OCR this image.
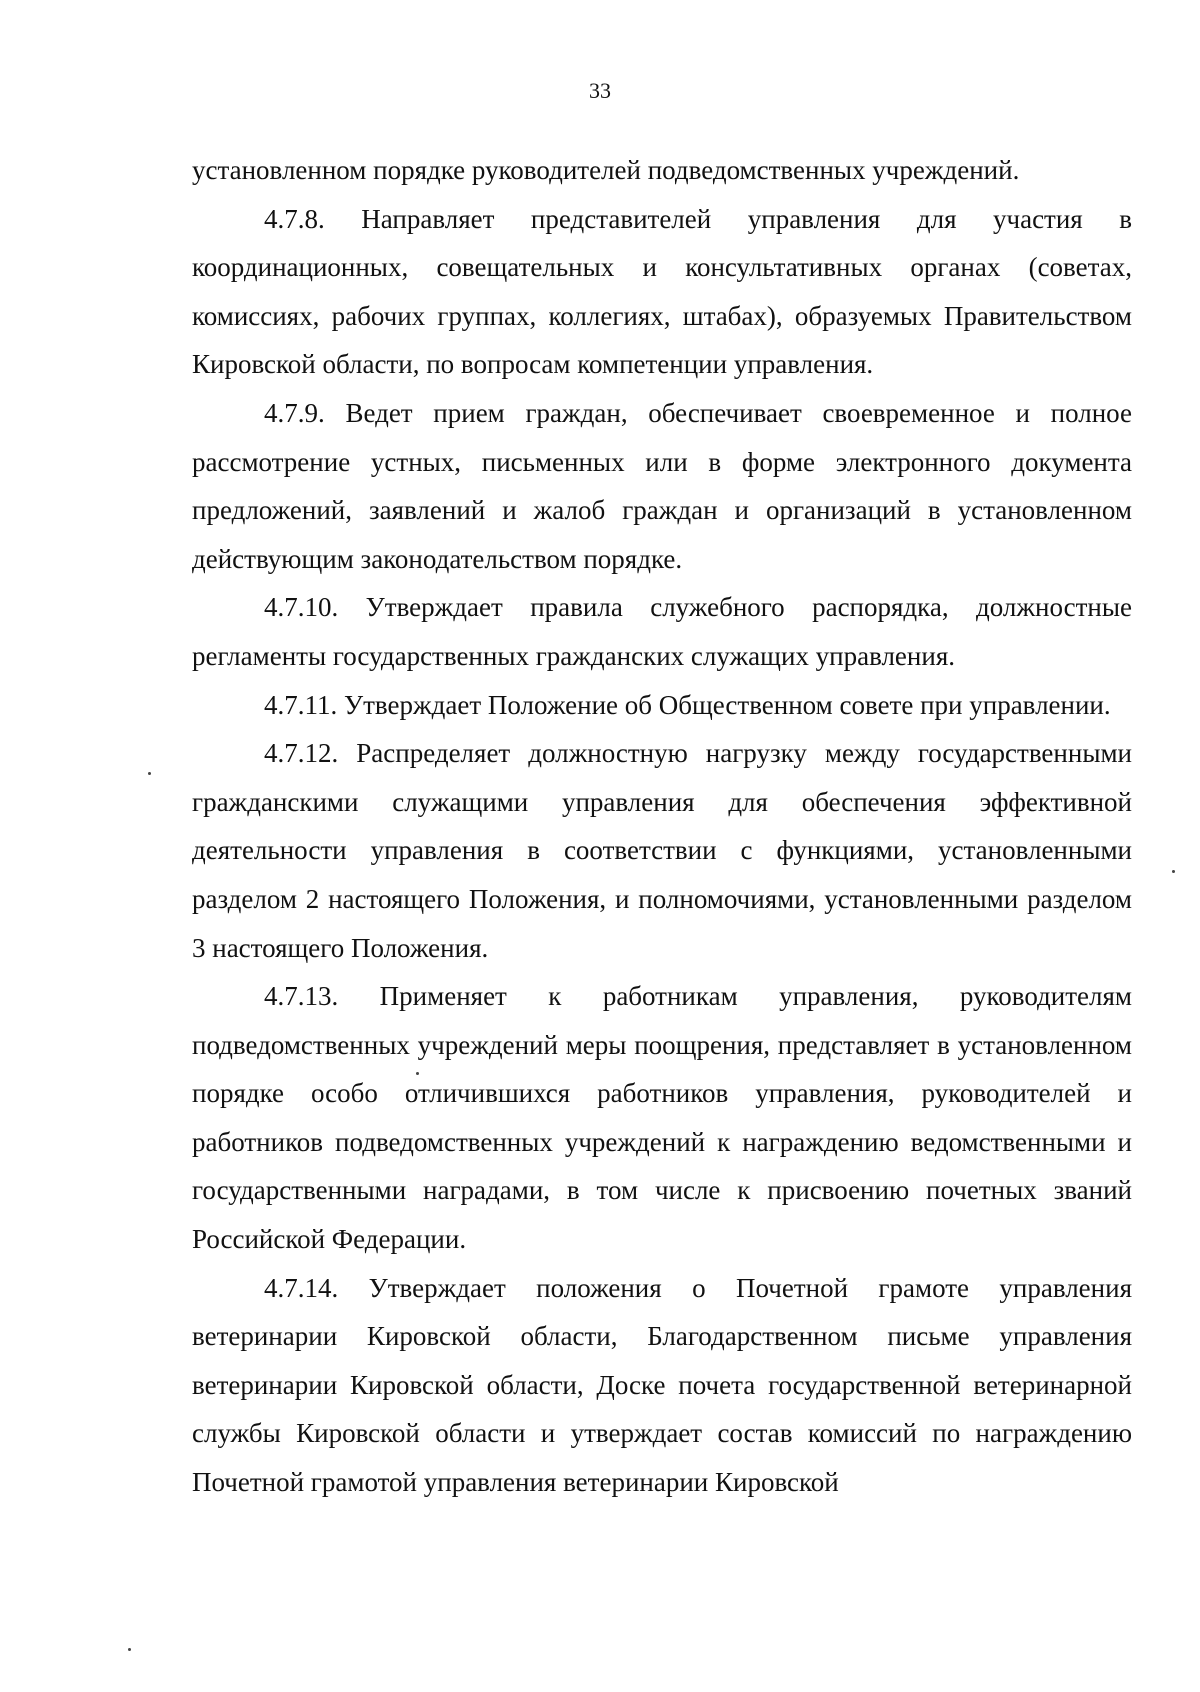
33

установленном порядке руководителей подведомственных учреждений.

4.7.8. Направляет представителей управления для участия в координационных, совещательных и консультативных органах (советах, комиссиях, рабочих группах, коллегиях, штабах), образуемых Правительством Кировской области, по вопросам компетенции управления.

4.7.9. Ведет прием граждан, обеспечивает своевременное и полное рассмотрение устных, письменных или в форме электронного документа предложений, заявлений и жалоб граждан и организаций в установленном действующим законодательством порядке.

4.7.10. Утверждает правила служебного распорядка, должностные регламенты государственных гражданских служащих управления.

4.7.11. Утверждает Положение об Общественном совете при управлении.

4.7.12. Распределяет должностную нагрузку между государственными гражданскими служащими управления для обеспечения эффективной деятельности управления в соответствии с функциями, установленными разделом 2 настоящего Положения, и полномочиями, установленными разделом 3 настоящего Положения.

4.7.13. Применяет к работникам управления, руководителям подведомственных учреждений меры поощрения, представляет в установленном порядке особо отличившихся работников управления, руководителей и работников подведомственных учреждений к награждению ведомственными и государственными наградами, в том числе к присвоению почетных званий Российской Федерации.

4.7.14. Утверждает положения о Почетной грамоте управления ветеринарии Кировской области, Благодарственном письме управления ветеринарии Кировской области, Доске почета государственной ветеринарной службы Кировской области и утверждает состав комиссий по награждению Почетной грамотой управления ветеринарии Кировской
